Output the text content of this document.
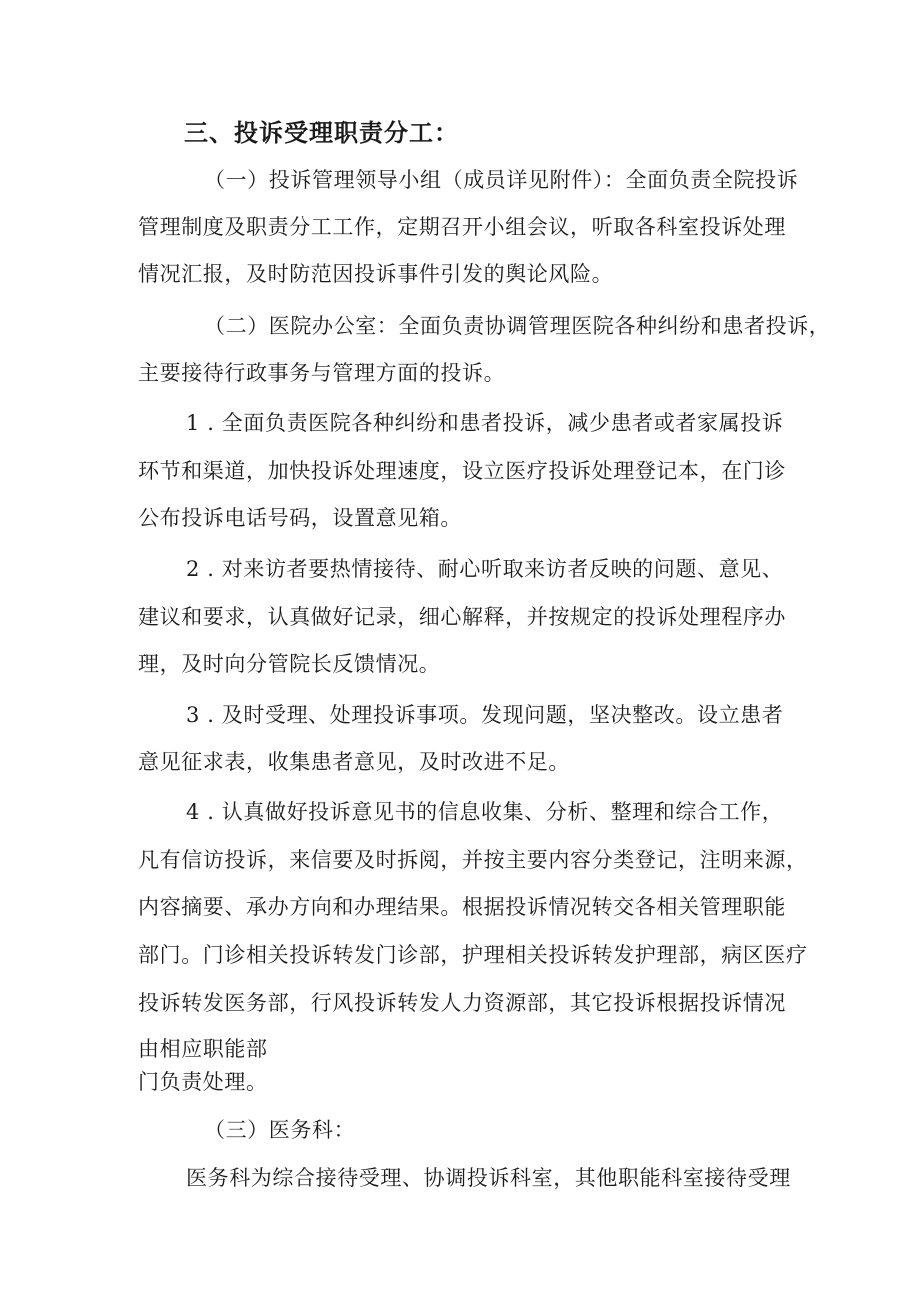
三、投诉受理职责分工：
（一）投诉管理领导小组（成员详见附件）：全面负责全院投诉
管理制度及职责分工工作，定期召开小组会议，听取各科室投诉处理
情况汇报，及时防范因投诉事件引发的舆论风险。
（二）医院办公室：全面负责协调管理医院各种纠纷和患者投诉，
主要接待行政事务与管理方面的投诉。
1 . 全面负责医院各种纠纷和患者投诉，减少患者或者家属投诉
环节和渠道，加快投诉处理速度，设立医疗投诉处理登记本，在门诊
公布投诉电话号码，设置意见箱。
2 . 对来访者要热情接待、耐心听取来访者反映的问题、意见、
建议和要求，认真做好记录，细心解释，并按规定的投诉处理程序办
理，及时向分管院长反馈情况。
3 . 及时受理、处理投诉事项。发现问题，坚决整改。设立患者
意见征求表，收集患者意见，及时改进不足。
4 . 认真做好投诉意见书的信息收集、分析、整理和综合工作，
凡有信访投诉，来信要及时拆阅，并按主要内容分类登记，注明来源，
内容摘要、承办方向和办理结果。根据投诉情况转交各相关管理职能
部门。门诊相关投诉转发门诊部，护理相关投诉转发护理部，病区医疗
投诉转发医务部，行风投诉转发人力资源部，其它投诉根据投诉情况
由相应职能部
门负责处理。
（三）医务科：
医务科为综合接待受理、协调投诉科室，其他职能科室接待受理
